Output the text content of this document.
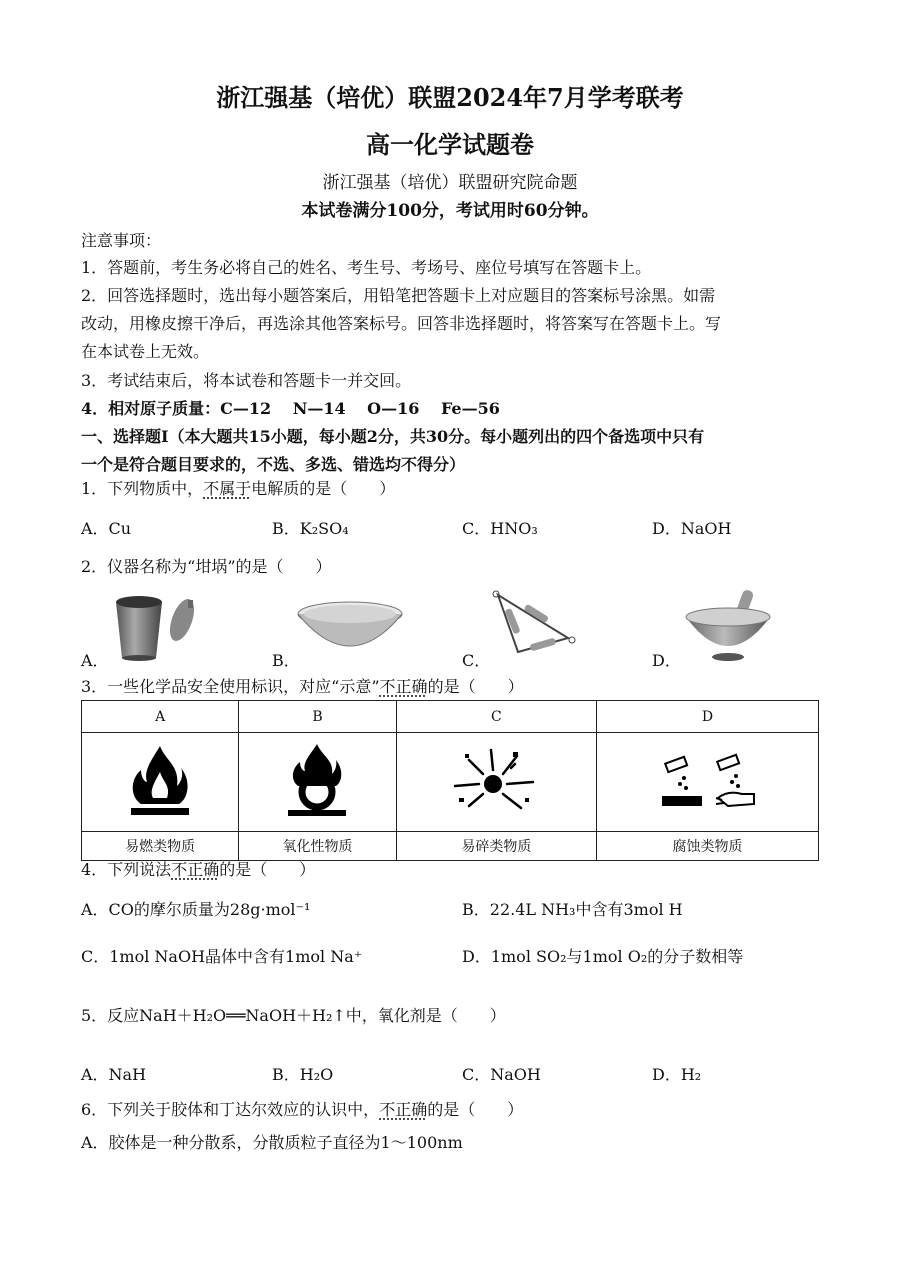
浙江强基（培优）联盟2024年7月学考联考
高一化学试题卷
浙江强基（培优）联盟研究院命题
本试卷满分100分，考试用时60分钟。
注意事项：
1．答题前，考生务必将自己的姓名、考生号、考场号、座位号填写在答题卡上。
2．回答选择题时，选出每小题答案后，用铅笔把答题卡上对应题目的答案标号涂黑。如需
改动，用橡皮擦干净后，再选涂其他答案标号。回答非选择题时，将答案写在答题卡上。写
在本试卷上无效。
3．考试结束后，将本试卷和答题卡一并交回。
4．相对原子质量：C—12　 N—14　 O—16　 Fe—56
一、选择题Ⅰ（本大题共15小题，每小题2分，共30分。每小题列出的四个备选项中只有
一个是符合题目要求的，不选、多选、错选均不得分）
1．下列物质中，不属于电解质的是（　　）
A．Cu	B．K₂SO₄	C．HNO₃	D．NaOH
2．仪器名称为“坩埚”的是（　　）
A．	B．	C．	D．
3．一些化学品安全使用标识，对应“示意”不正确的是（　　）
A	B	C	D

易燃类物质	氧化性物质	易碎类物质	腐蚀类物质
4．下列说法不正确的是（　　）
A．CO的摩尔质量为28g·mol⁻¹	B．22.4L NH₃中含有3mol H
C．1mol NaOH晶体中含有1mol Na⁺	D．1mol SO₂与1mol O₂的分子数相等
5．反应NaH＋H₂O══NaOH＋H₂↑中，氧化剂是（　　）
A．NaH	B．H₂O	C．NaOH	D．H₂
6．下列关于胶体和丁达尔效应的认识中，不正确的是（　　）
A．胶体是一种分散系，分散质粒子直径为1～100nm
